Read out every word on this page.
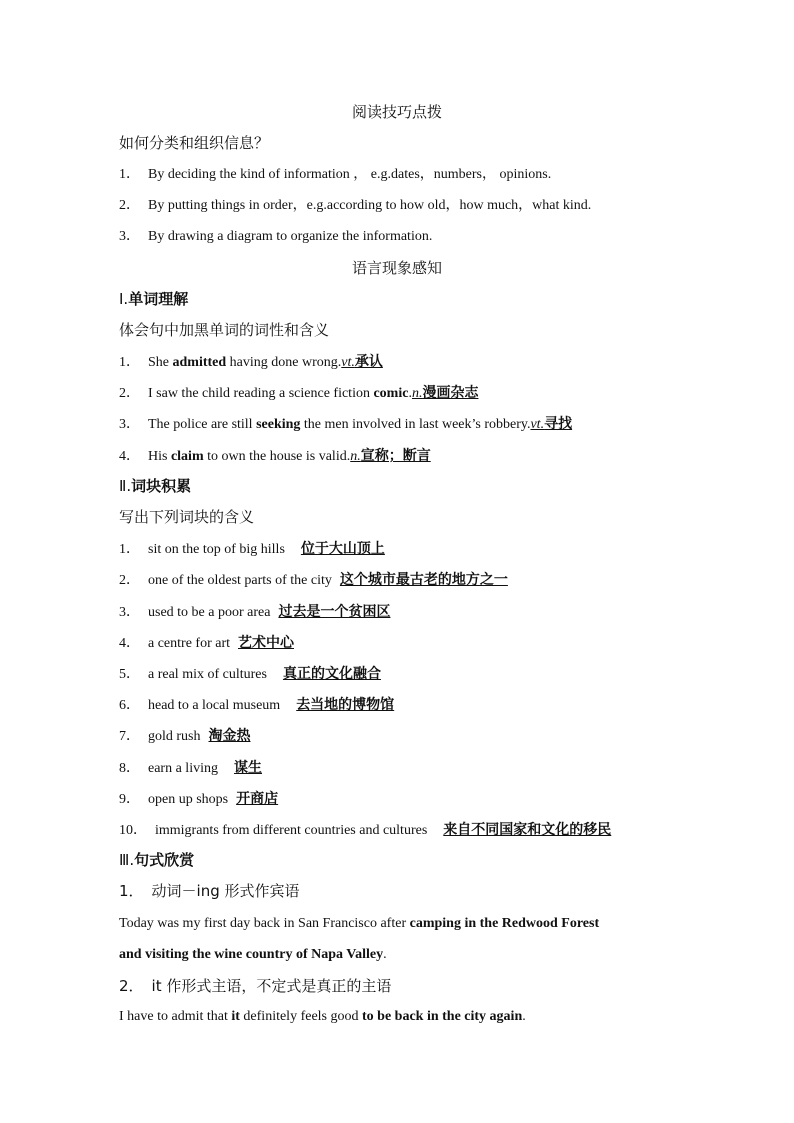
阅读技巧点拨
如何分类和组织信息？
1． By deciding the kind of information ， e.g.dates，numbers， opinions.
2． By putting things in order，e.g.according to how old，how much，what kind.
3． By drawing a diagram to organize the information.
语言现象感知
Ⅰ.单词理解
体会句中加黑单词的词性和含义
1． She admitted having done wrong.vt.承认
2． I saw the child reading a science fiction comic.n.漫画杂志
3． The police are still seeking the men involved in last week’s robbery.vt.寻找
4． His claim to own the house is valid.n.宣称；断言
Ⅱ.词块积累
写出下列词块的含义
1． sit on the top of big hills 位于大山顶上
2． one of the oldest parts of the city 这个城市最古老的地方之一
3． used to be a poor area 过去是一个贫困区
4． a centre for art 艺术中心
5． a real mix of cultures 真正的文化融合
6． head to a local museum 去当地的博物馆
7． gold rush 淘金热
8． earn a living 谋生
9． open up shops 开商店
10． immigrants from different countries and cultures 来自不同国家和文化的移民
Ⅲ.句式欣赏
1． 动词－ing 形式作宾语
Today was my first day back in San Francisco after camping in the Redwood Forest
and visiting the wine country of Napa Valley.
2． it 作形式主语，不定式是真正的主语
I have to admit that it definitely feels good to be back in the city again.
